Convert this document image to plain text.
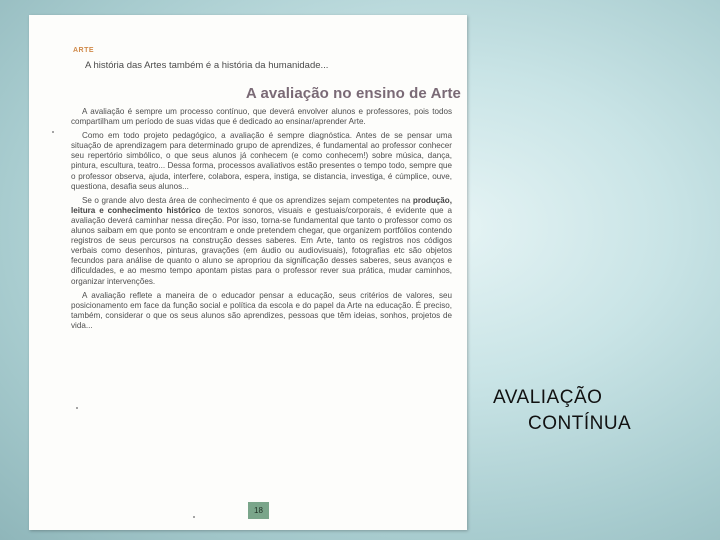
ARTE
A história das Artes também é a história da humanidade...
A avaliação no ensino de Arte

A avaliação é sempre um processo contínuo, que deverá envolver alunos e professores, pois todos compartilham um período de suas vidas que é dedicado ao ensinar/aprender Arte.

Como em todo projeto pedagógico, a avaliação é sempre diagnóstica. Antes de se pensar uma situação de aprendizagem para determinado grupo de aprendizes, é fundamental ao professor conhecer seu repertório simbólico, o que seus alunos já conhecem (e como conhecem!) sobre música, dança, pintura, escultura, teatro... Dessa forma, processos avaliativos estão presentes o tempo todo, sempre que o professor observa, ajuda, interfere, colabora, espera, instiga, se distancia, investiga, é cúmplice, ouve, questiona, desafia seus alunos...

Se o grande alvo desta área de conhecimento é que os aprendizes sejam competentes na produção, leitura e conhecimento histórico de textos sonoros, visuais e gestuais/corporais, é evidente que a avaliação deverá caminhar nessa direção. Por isso, torna-se fundamental que tanto o professor como os alunos saibam em que ponto se encontram e onde pretendem chegar, que organizem portfólios contendo registros de seus percursos na construção desses saberes. Em Arte, tanto os registros nos códigos verbais como desenhos, pinturas, gravações (em áudio ou audiovisuais), fotografias etc são objetos fecundos para análise de quanto o aluno se apropriou da significação desses saberes, seus avanços e dificuldades, e ao mesmo tempo apontam pistas para o professor rever sua prática, mudar caminhos, organizar intervenções.

A avaliação reflete a maneira de o educador pensar a educação, seus critérios de valores, seu posicionamento em face da função social e política da escola e do papel da Arte na educação. É preciso, também, considerar o que os seus alunos são aprendizes, pessoas que têm ideias, sonhos, projetos de vida...

18
AVALIAÇÃO
CONTÍNUA
